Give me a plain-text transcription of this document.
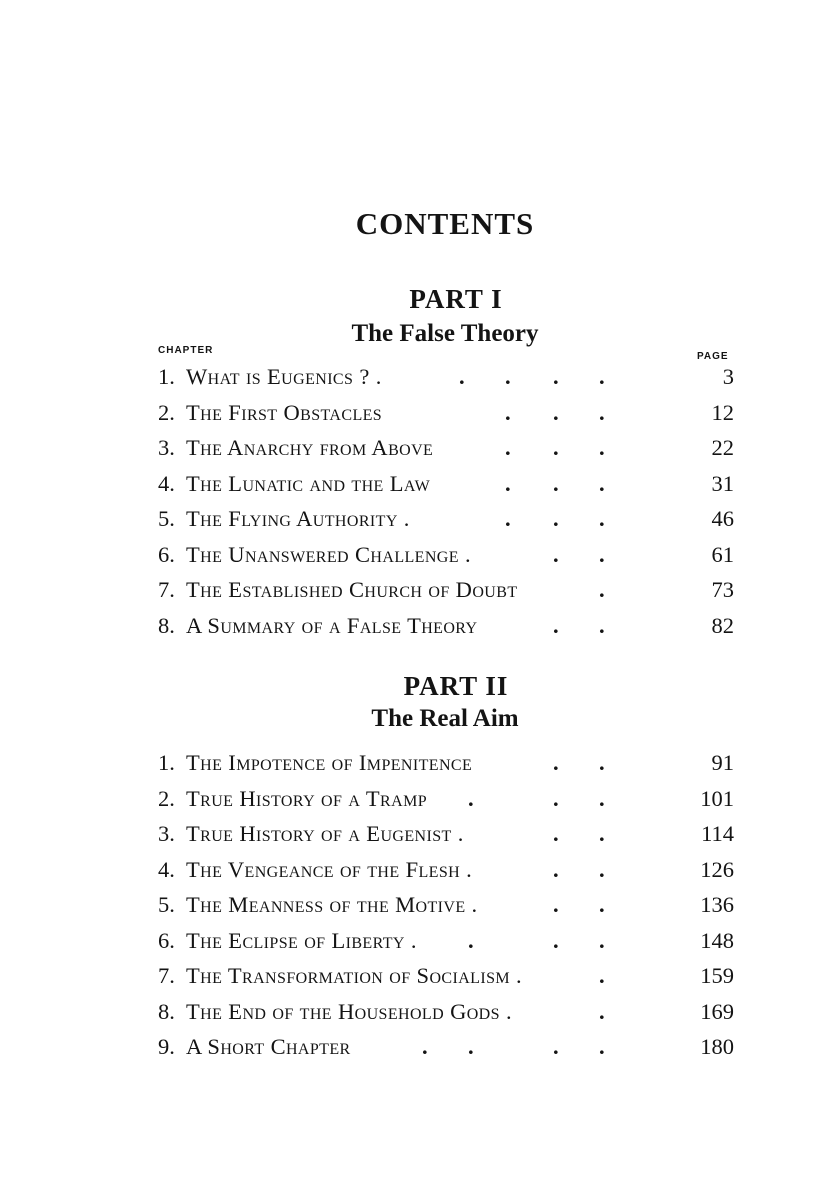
CONTENTS
PART I
The False Theory
CHAPTER
PAGE
1. What is Eugenics ? .	. . . .	3
2. The First Obstacles	. . .	12
3. The Anarchy from Above	. . .	22
4. The Lunatic and the Law	. . .	31
5. The Flying Authority .	. . .	46
6. The Unanswered Challenge .	. .	61
7. The Established Church of Doubt	.	73
8. A Summary of a False Theory	. .	82
PART II
The Real Aim
1. The Impotence of Impenitence	. .	91
2. True History of a Tramp .	. .	101
3. True History of a Eugenist .	. .	114
4. The Vengeance of the Flesh .	. .	126
5. The Meanness of the Motive .	. .	136
6. The Eclipse of Liberty . .	. .	148
7. The Transformation of Socialism .	.	159
8. The End of the Household Gods .	.	169
9. A Short Chapter	. .	. .	180
